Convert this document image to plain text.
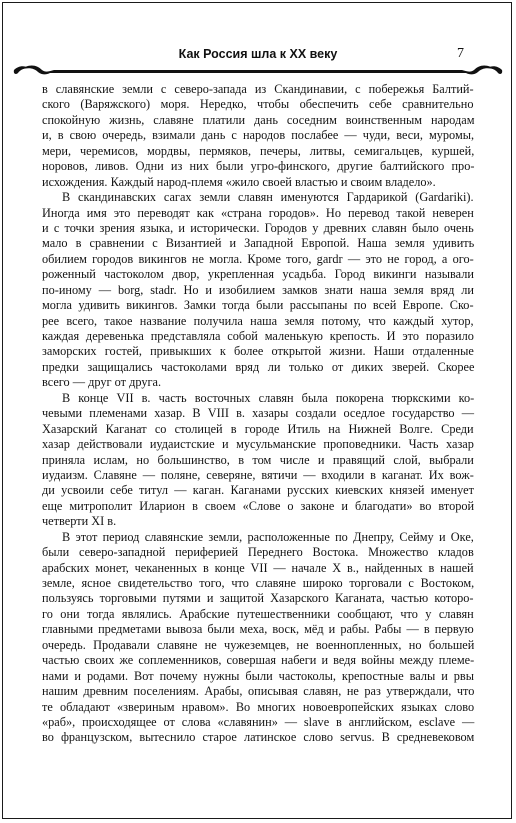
Как Россия шла к ХХ веку	7
в славянские земли с северо-запада из Скандинавии, с побережья Балтий-
ского (Варяжского) моря. Нередко, чтобы обеспечить себе сравнительно
спокойную жизнь, славяне платили дань соседним воинственным народам
и, в свою очередь, взимали дань с народов послабее — чуди, веси, муромы,
мери, черемисов, мордвы, пермяков, печеры, литвы, семигальцев, куршей,
норовов, ливов. Одни из них были угро-финского, другие балтийского про-
исхождения. Каждый народ-племя «жило своей властью и своим владело».
В скандинавских сагах земли славян именуются Гардарикой (Gardariki).
Иногда имя это переводят как «страна городов». Но перевод такой неверен
и с точки зрения языка, и исторически. Городов у древних славян было очень
мало в сравнении с Византией и Западной Европой. Наша земля удивить
обилием городов викингов не могла. Кроме того, gardr — это не город, а ого-
роженный частоколом двор, укрепленная усадьба. Город викинги называли
по-иному — borg, stadr. Но и изобилием замков знати наша земля вряд ли
могла удивить викингов. Замки тогда были рассыпаны по всей Европе. Ско-
рее всего, такое название получила наша земля потому, что каждый хутор,
каждая деревенька представляла собой маленькую крепость. И это поразило
заморских гостей, привыкших к более открытой жизни. Наши отдаленные
предки защищались частоколами вряд ли только от диких зверей. Скорее
всего — друг от друга.
В конце VII в. часть восточных славян была покорена тюркскими ко-
чевыми племенами хазар. В VIII в. хазары создали оседлое государство —
Хазарский Каганат со столицей в городе Итиль на Нижней Волге. Среди
хазар действовали иудаистские и мусульманские проповедники. Часть хазар
приняла ислам, но большинство, в том числе и правящий слой, выбрали
иудаизм. Славяне — поляне, северяне, вятичи — входили в каганат. Их вож-
ди усвоили себе титул — каган. Каганами русских киевских князей именует
еще митрополит Иларион в своем «Слове о законе и благодати» во второй
четверти XI в.
В этот период славянские земли, расположенные по Днепру, Сейму и Оке,
были северо-западной периферией Переднего Востока. Множество кладов
арабских монет, чеканенных в конце VII — начале X в., найденных в нашей
земле, ясное свидетельство того, что славяне широко торговали с Востоком,
пользуясь торговыми путями и защитой Хазарского Каганата, частью которо-
го они тогда являлись. Арабские путешественники сообщают, что у славян
главными предметами вывоза были меха, воск, мёд и рабы. Рабы — в первую
очередь. Продавали славяне не чужеземцев, не военнопленных, но большей
частью своих же соплеменников, совершая набеги и ведя войны между племе-
нами и родами. Вот почему нужны были частоколы, крепостные валы и рвы
нашим древним поселениям. Арабы, описывая славян, не раз утверждали, что
те обладают «звериным нравом». Во многих новоевропейских языках слово
«раб», происходящее от слова «славянин» — slave в английском, esclave —
во французском, вытеснило старое латинское слово servus. В средневековом
